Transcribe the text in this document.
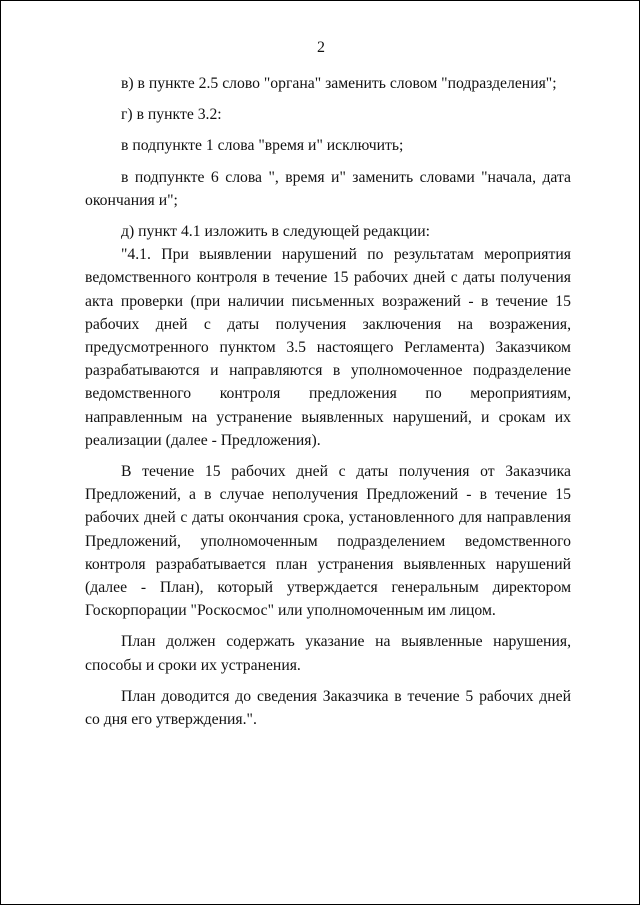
2

в) в пункте 2.5 слово "органа" заменить словом "подразделения";

г) в пункте 3.2:

в подпункте 1 слова "время и" исключить;

в подпункте 6 слова ", время и" заменить словами "начала, дата окончания и";

д) пункт 4.1 изложить в следующей редакции:

"4.1. При выявлении нарушений по результатам мероприятия ведомственного контроля в течение 15 рабочих дней с даты получения акта проверки (при наличии письменных возражений - в течение 15 рабочих дней с даты получения заключения на возражения, предусмотренного пунктом 3.5 настоящего Регламента) Заказчиком разрабатываются и направляются в уполномоченное подразделение ведомственного контроля предложения по мероприятиям, направленным на устранение выявленных нарушений, и срокам их реализации (далее - Предложения).

В течение 15 рабочих дней с даты получения от Заказчика Предложений, а в случае неполучения Предложений - в течение 15 рабочих дней с даты окончания срока, установленного для направления Предложений, уполномоченным подразделением ведомственного контроля разрабатывается план устранения выявленных нарушений (далее - План), который утверждается генеральным директором Госкорпорации "Роскосмос" или уполномоченным им лицом.

План должен содержать указание на выявленные нарушения, способы и сроки их устранения.

План доводится до сведения Заказчика в течение 5 рабочих дней со дня его утверждения.".
